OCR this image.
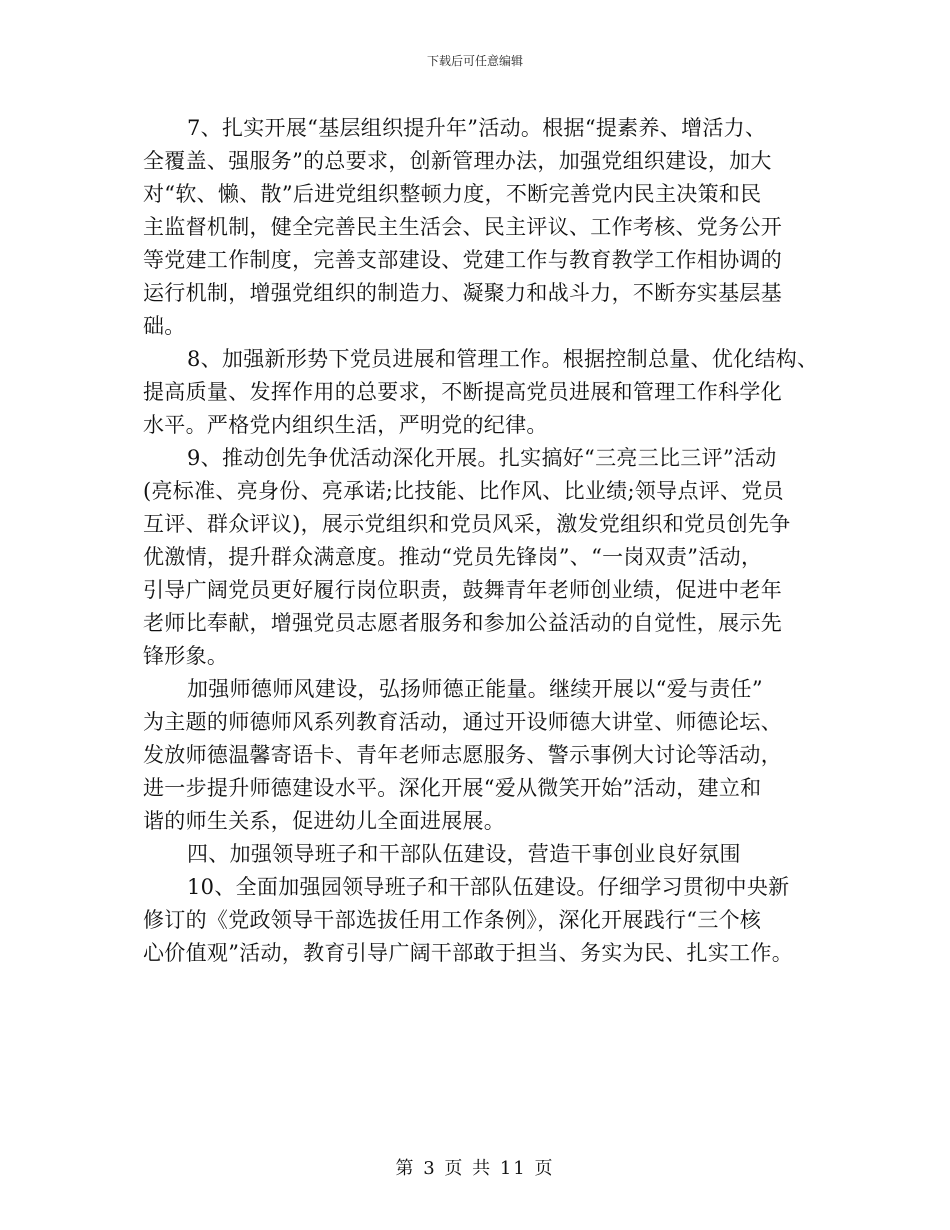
下载后可任意编辑
7、扎实开展“基层组织提升年”活动。根据“提素养、增活力、
全覆盖、强服务”的总要求，创新管理办法，加强党组织建设，加大
对“软、懒、散”后进党组织整顿力度，不断完善党内民主决策和民
主监督机制，健全完善民主生活会、民主评议、工作考核、党务公开
等党建工作制度，完善支部建设、党建工作与教育教学工作相协调的
运行机制，增强党组织的制造力、凝聚力和战斗力，不断夯实基层基
础。
8、加强新形势下党员进展和管理工作。根据控制总量、优化结构、
提高质量、发挥作用的总要求，不断提高党员进展和管理工作科学化
水平。严格党内组织生活，严明党的纪律。
9、推动创先争优活动深化开展。扎实搞好“三亮三比三评”活动
(亮标准、亮身份、亮承诺;比技能、比作风、比业绩;领导点评、党员
互评、群众评议)，展示党组织和党员风采，激发党组织和党员创先争
优激情，提升群众满意度。推动“党员先锋岗”、“一岗双责”活动，
引导广阔党员更好履行岗位职责，鼓舞青年老师创业绩，促进中老年
老师比奉献，增强党员志愿者服务和参加公益活动的自觉性，展示先
锋形象。
加强师德师风建设，弘扬师德正能量。继续开展以“爱与责任”
为主题的师德师风系列教育活动，通过开设师德大讲堂、师德论坛、
发放师德温馨寄语卡、青年老师志愿服务、警示事例大讨论等活动，
进一步提升师德建设水平。深化开展“爱从微笑开始”活动，建立和
谐的师生关系，促进幼儿全面进展展。
四、加强领导班子和干部队伍建设，营造干事创业良好氛围
10、全面加强园领导班子和干部队伍建设。仔细学习贯彻中央新
修订的《党政领导干部选拔任用工作条例》，深化开展践行“三个核
心价值观”活动，教育引导广阔干部敢于担当、务实为民、扎实工作。
第 3 页 共 11 页
